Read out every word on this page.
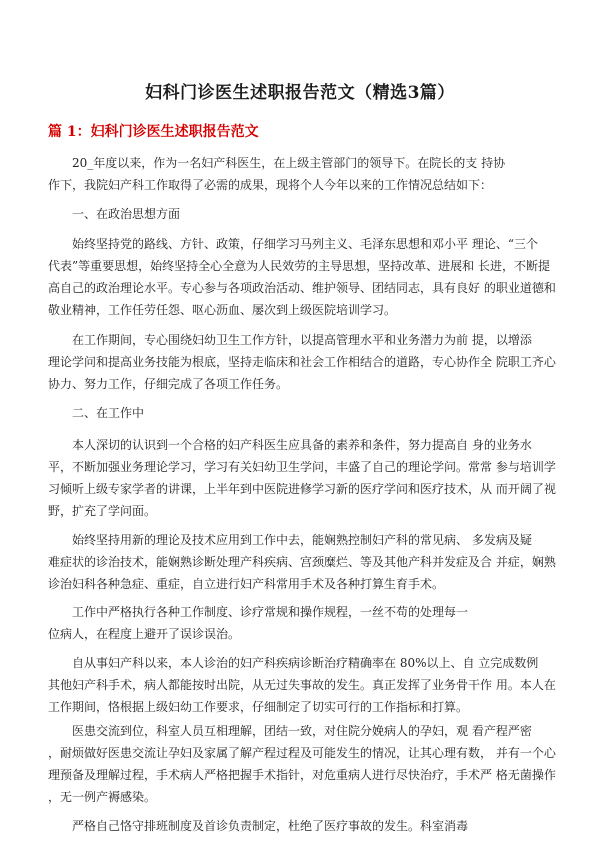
妇科门诊医生述职报告范文（精选3篇）
篇 1：妇科门诊医生述职报告范文
20_年度以来，作为一名妇产科医生，在上级主管部门的领导下。在院长的支 持协
作下，我院妇产科工作取得了必需的成果，现将个人今年以来的工作情况总结如下：
一、在政治思想方面
始终坚持党的路线、方针、政策，仔细学习马列主义、毛泽东思想和邓小平 理论、“三个
代表”等重要思想，始终坚持全心全意为人民效劳的主导思想，坚持改革、进展和 长进，不断提
高自己的政治理论水平。专心参与各项政治活动、维护领导、团结同志，具有良好 的职业道德和
敬业精神，工作任劳任怨、呕心沥血、屡次到上级医院培训学习。
在工作期间，专心围绕妇幼卫生工作方针，以提高管理水平和业务潜力为前 提，以增添
理论学问和提高业务技能为根底，坚持走临床和社会工作相结合的道路，专心协作全 院职工齐心
协力、努力工作，仔细完成了各项工作任务。
二、在工作中
本人深切的认识到一个合格的妇产科医生应具备的素养和条件，努力提高自 身的业务水
平，不断加强业务理论学习，学习有关妇幼卫生学问，丰盛了自己的理论学问。常常 参与培训学
习倾听上级专家学者的讲课，上半年到中医院进修学习新的医疗学问和医疗技术，从 而开阔了视
野，扩充了学问面。
始终坚持用新的理论及技术应用到工作中去，能娴熟控制妇产科的常见病、 多发病及疑
难症状的诊治技术，能娴熟诊断处理产科疾病、宫颈糜烂、等及其他产科并发症及合 并症，娴熟
诊治妇科各种急症、重症，自立进行妇产科常用手术及各种打算生育手术。
工作中严格执行各种工作制度、诊疗常规和操作规程，一丝不苟的处理每一
位病人，在程度上避开了误诊误治。
自从事妇产科以来，本人诊治的妇产科疾病诊断治疗精确率在 80%以上、自 立完成数例
其他妇产科手术，病人都能按时出院，从无过失事故的发生。真正发挥了业务骨干作 用。本人在
工作期间，恪根据上级妇幼工作要求，仔细制定了切实可行的工作指标和打算。
医患交流到位，科室人员互相理解，团结一致，对住院分娩病人的孕妇，观 看产程严密
，耐烦做好医患交流让孕妇及家属了解产程过程及可能发生的情况，让其心理有数， 并有一个心
理预备及理解过程，手术病人严格把握手术指针，对危重病人进行尽快治疗，手术严 格无菌操作
，无一例产褥感染。
严格自己恪守排班制度及首诊负责制定，杜绝了医疗事故的发生。科室消毒
